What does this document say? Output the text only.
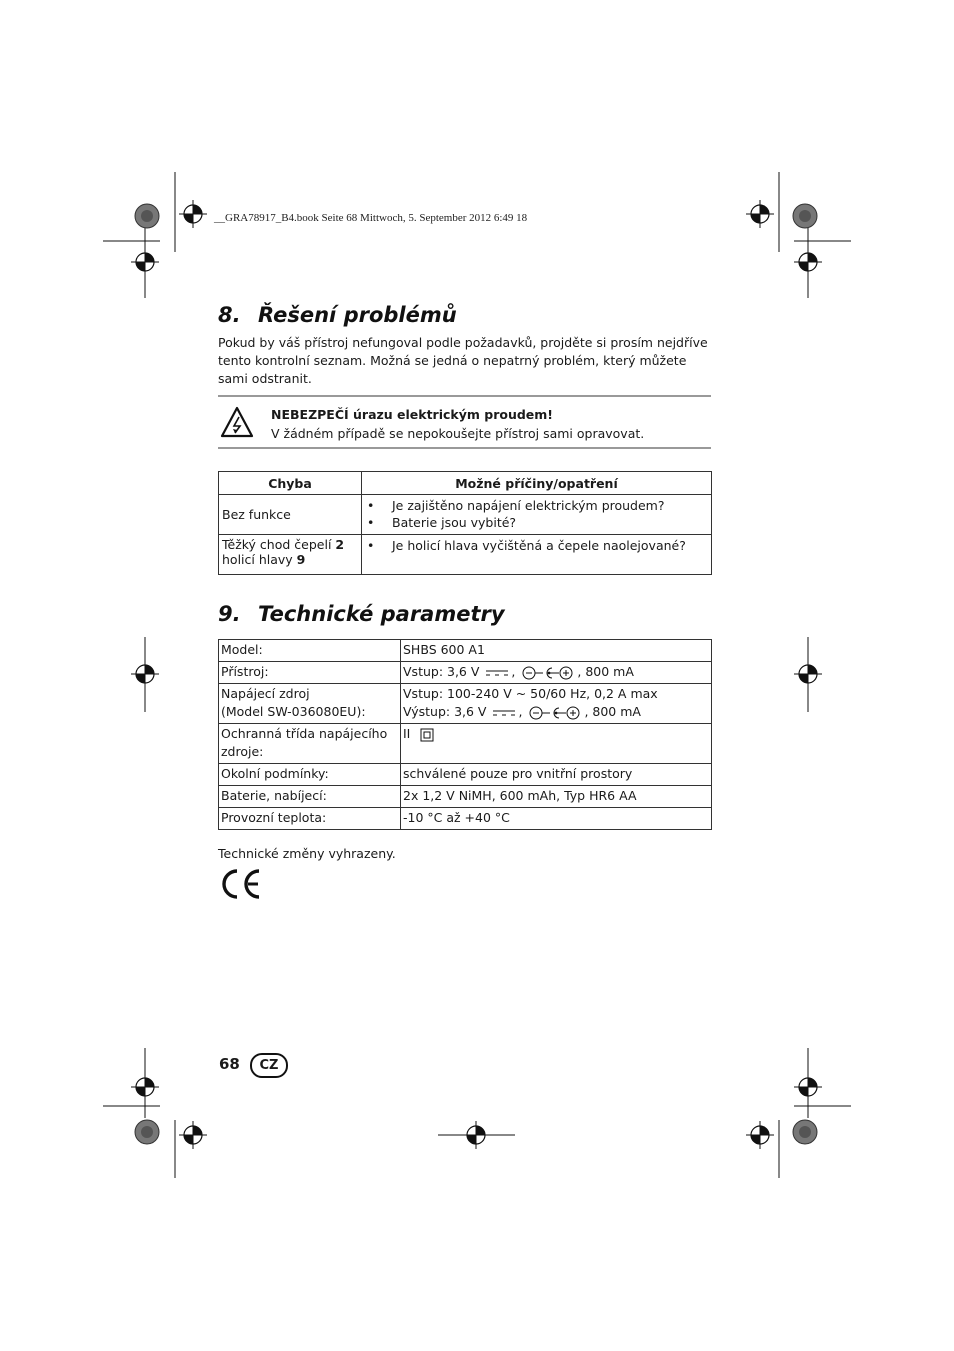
__GRA78917_B4.book Seite 68 Mittwoch, 5. September 2012 6:49 18
8. Řešení problémů
Pokud by váš přístroj nefungoval podle požadavků, projděte si prosím nejdříve tento kontrolní seznam. Možná se jedná o nepatrný problém, který můžete sami odstranit.
NEBEZPEČÍ úrazu elektrickým proudem!
V žádném případě se nepokoušejte přístroj sami opravovat.
Chyba	Možné příčiny/opatření
Bez funkce	• Je zajištěno napájení elektrickým proudem?
• Baterie jsou vybité?

Těžký chod čepelí 2
holicí hlavy 9	• Je holicí hlava vyčištěná a čepele naolejované?
9. Technické parametry
Model:	SHBS 600 A1
Přístroj:	Vstup: 3,6 V , , 800 mA
Napájecí zdroj
(Model SW-036080EU):	Vstup: 100-240 V ~ 50/60 Hz, 0,2 A max
Výstup: 3,6 V , , 800 mA
Ochranná třída napájecího
zdroje:	II
Okolní podmínky:	schválené pouze pro vnitřní prostory
Baterie, nabíjecí:	2x 1,2 V NiMH, 600 mAh, Typ HR6 AA
Provozní teplota:	-10 °C až +40 °C
Technické změny vyhrazeny.
68	CZ
